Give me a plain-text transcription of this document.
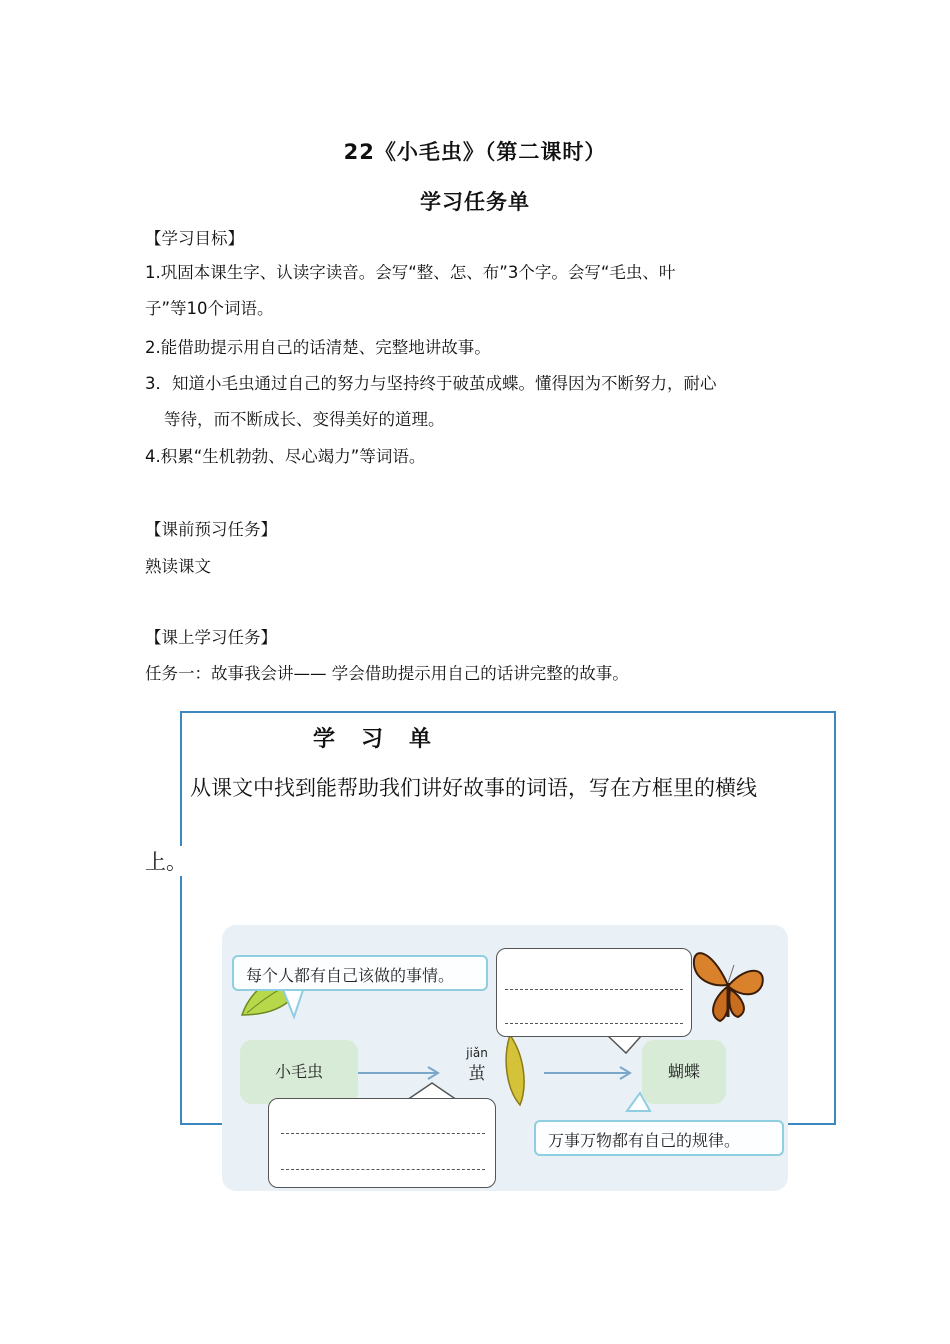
22《小毛虫》（第二课时）
学习任务单
【学习目标】
1.巩固本课生字、认读字读音。会写“整、怎、布”3个字。会写“毛虫、叶
子”等10个词语。
2.能借助提示用自己的话清楚、完整地讲故事。
3．知道小毛虫通过自己的努力与坚持终于破茧成蝶。懂得因为不断努力，耐心
等待，而不断成长、变得美好的道理。
4.积累“生机勃勃、尽心竭力”等词语。
【课前预习任务】
熟读课文
【课上学习任务】
任务一：故事我会讲—— 学会借助提示用自己的话讲完整的故事。
学习单
从课文中找到能帮助我们讲好故事的词语，写在方框里的横线
上。
每个人都有自己该做的事情。
万事万物都有自己的规律。
小毛虫
jiǎn
茧	蝴蝶
